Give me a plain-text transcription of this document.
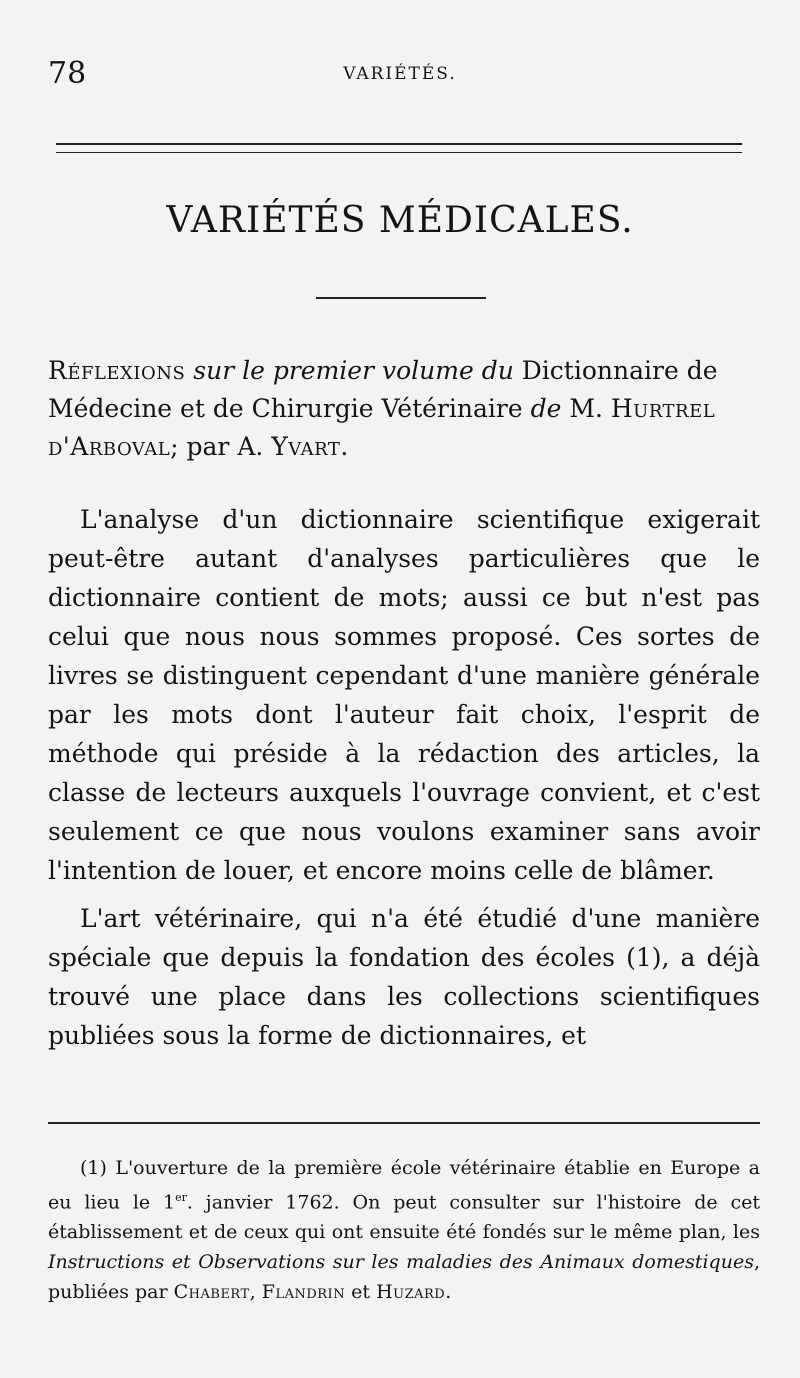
78	VARIÉTÉS.
VARIÉTÉS MÉDICALES.

Réflexions sur le premier volume du Dictionnaire de Médecine et de Chirurgie Vétérinaire de M. Hurtrel d'Arboval; par A. Yvart.

L'analyse d'un dictionnaire scientifique exigerait peut-être autant d'analyses particulières que le dictionnaire contient de mots; aussi ce but n'est pas celui que nous nous sommes proposé. Ces sortes de livres se distinguent cependant d'une manière générale par les mots dont l'auteur fait choix, l'esprit de méthode qui préside à la rédaction des articles, la classe de lecteurs auxquels l'ouvrage convient, et c'est seulement ce que nous voulons examiner sans avoir l'intention de louer, et encore moins celle de blâmer.

L'art vétérinaire, qui n'a été étudié d'une manière spéciale que depuis la fondation des écoles (1), a déjà trouvé une place dans les collections scientifiques publiées sous la forme de dictionnaires, et

(1) L'ouverture de la première école vétérinaire établie en Europe a eu lieu le 1er. janvier 1762. On peut consulter sur l'histoire de cet établissement et de ceux qui ont ensuite été fondés sur le même plan, les Instructions et Observations sur les maladies des Animaux domestiques, publiées par Chabert, Flandrin et Huzard.
